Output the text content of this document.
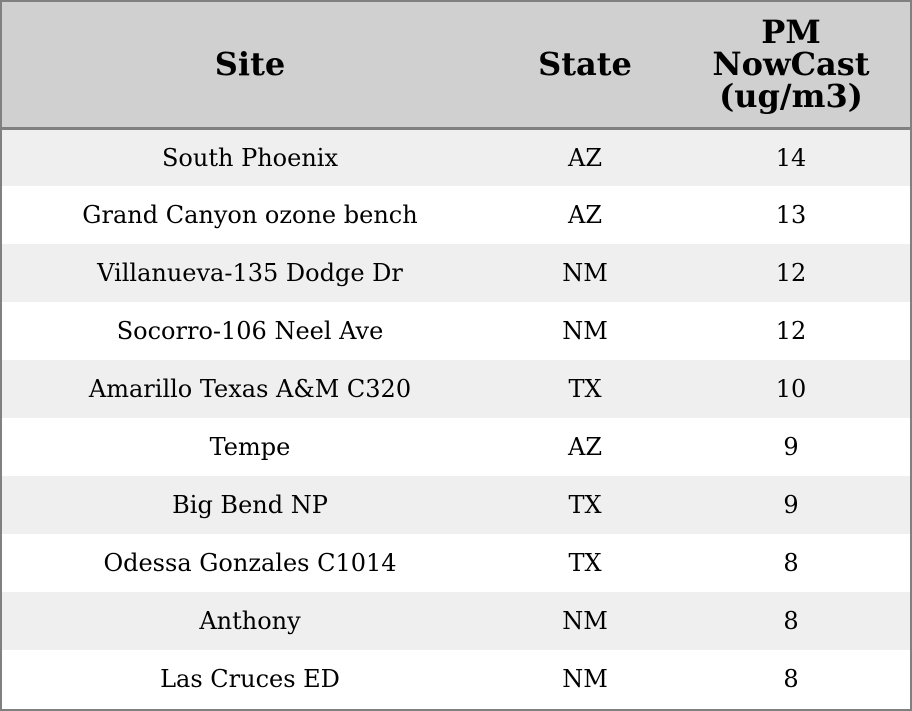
Site	State	PM
NowCast
(ug/m3)
South Phoenix	AZ	14
Grand Canyon ozone bench	AZ	13
Villanueva-135 Dodge Dr	NM	12
Socorro-106 Neel Ave	NM	12
Amarillo Texas A&M C320	TX	10
Tempe	AZ	9
Big Bend NP	TX	9
Odessa Gonzales C1014	TX	8
Anthony	NM	8
Las Cruces ED	NM	8
